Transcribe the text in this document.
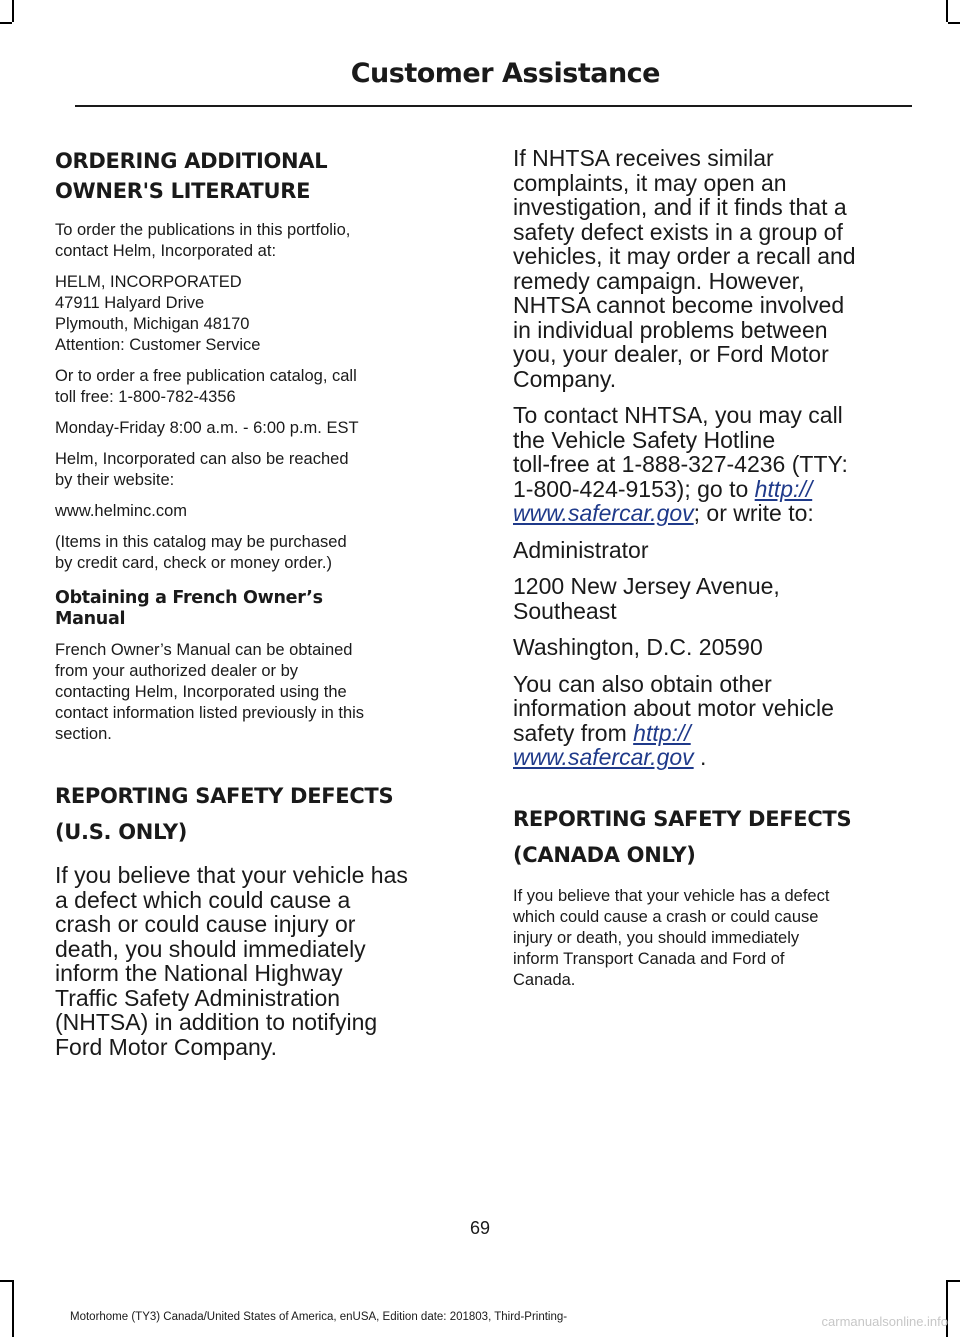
Customer Assistance
ORDERING ADDITIONAL
OWNER'S LITERATURE

To order the publications in this portfolio,
contact Helm, Incorporated at:

HELM, INCORPORATED
47911 Halyard Drive
Plymouth, Michigan 48170
Attention: Customer Service

Or to order a free publication catalog, call
toll free: 1-800-782-4356

Monday-Friday 8:00 a.m. - 6:00 p.m. EST

Helm, Incorporated can also be reached
by their website:

www.helminc.com

(Items in this catalog may be purchased
by credit card, check or money order.)

Obtaining a French Owner’s
Manual

French Owner’s Manual can be obtained
from your authorized dealer or by
contacting Helm, Incorporated using the
contact information listed previously in this
section.

REPORTING SAFETY DEFECTS
(U.S. ONLY)

If you believe that your vehicle has
a defect which could cause a
crash or could cause injury or
death, you should immediately
inform the National Highway
Traffic Safety Administration
(NHTSA) in addition to notifying
Ford Motor Company.

If NHTSA receives similar
complaints, it may open an
investigation, and if it finds that a
safety defect exists in a group of
vehicles, it may order a recall and
remedy campaign. However,
NHTSA cannot become involved
in individual problems between
you, your dealer, or Ford Motor
Company.

To contact NHTSA, you may call
the Vehicle Safety Hotline
toll-free at 1-888-327-4236 (TTY:
1-800-424-9153); go to http://
www.safercar.gov; or write to:

Administrator

1200 New Jersey Avenue,
Southeast

Washington, D.C. 20590

You can also obtain other
information about motor vehicle
safety from http://
www.safercar.gov .

REPORTING SAFETY DEFECTS
(CANADA ONLY)

If you believe that your vehicle has a defect
which could cause a crash or could cause
injury or death, you should immediately
inform Transport Canada and Ford of
Canada.

69
Motorhome (TY3) Canada/United States of America, enUSA, Edition date: 201803, Third-Printing-	carmanualsonline.info
